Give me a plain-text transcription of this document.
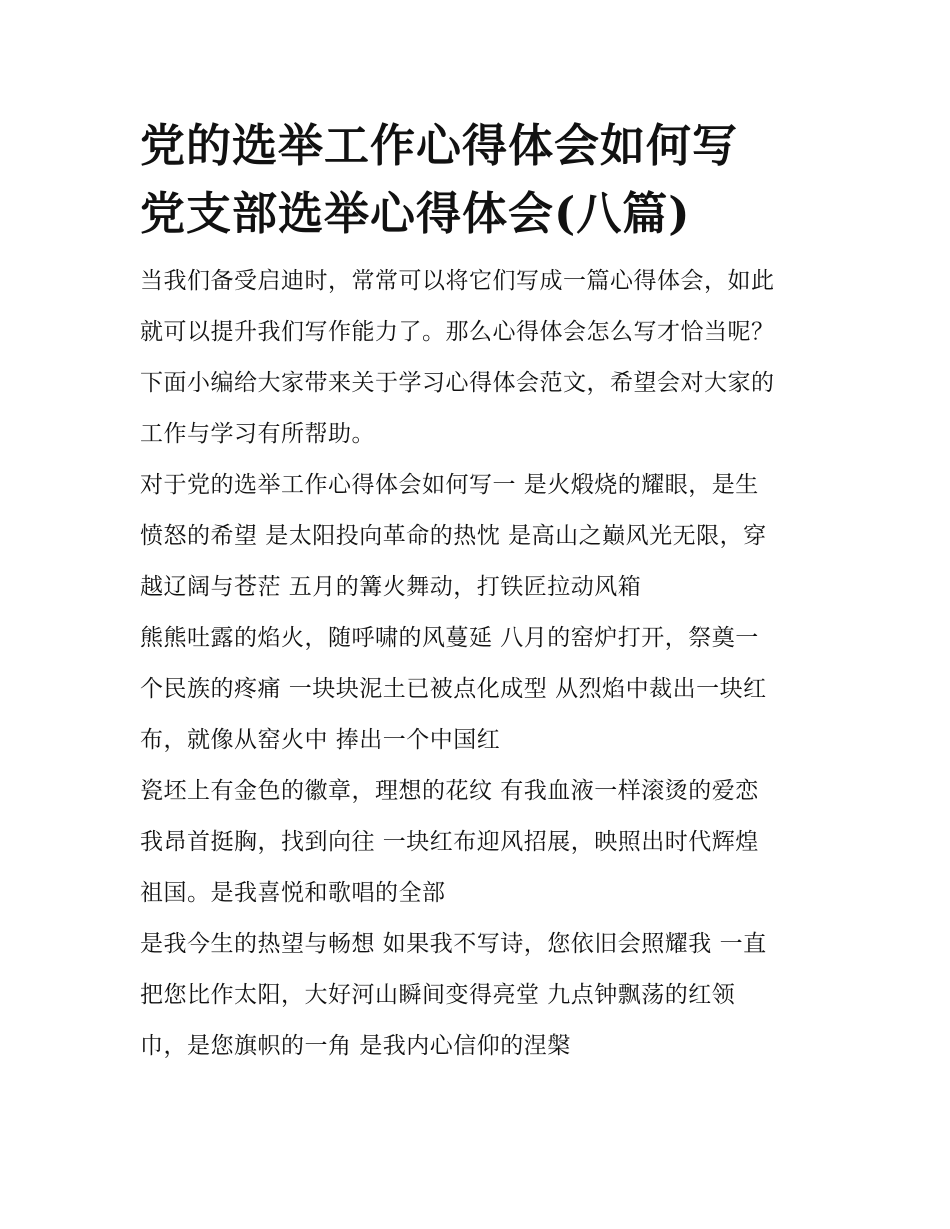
党的选举工作心得体会如何写
党支部选举心得体会(八篇)

当我们备受启迪时，常常可以将它们写成一篇心得体会，如此

就可以提升我们写作能力了。那么心得体会怎么写才恰当呢？

下面小编给大家带来关于学习心得体会范文，希望会对大家的

工作与学习有所帮助。

对于党的选举工作心得体会如何写一 是火煅烧的耀眼，是生

愤怒的希望 是太阳投向革命的热忱 是高山之巅风光无限，穿

越辽阔与苍茫 五月的篝火舞动，打铁匠拉动风箱

熊熊吐露的焰火，随呼啸的风蔓延 八月的窑炉打开，祭奠一

个民族的疼痛 一块块泥土已被点化成型 从烈焰中裁出一块红

布，就像从窑火中 捧出一个中国红

瓷坯上有金色的徽章，理想的花纹 有我血液一样滚烫的爱恋

我昂首挺胸，找到向往 一块红布迎风招展，映照出时代辉煌

祖国。是我喜悦和歌唱的全部

是我今生的热望与畅想 如果我不写诗，您依旧会照耀我 一直

把您比作太阳，大好河山瞬间变得亮堂 九点钟飘荡的红领

巾，是您旗帜的一角 是我内心信仰的涅槃
